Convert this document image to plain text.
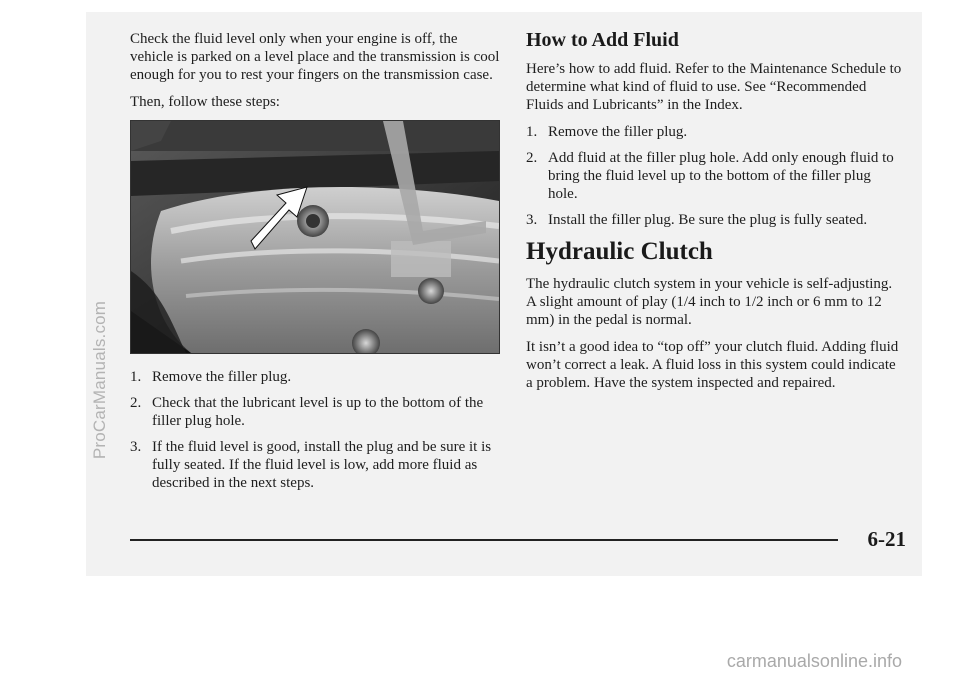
ProCarManuals.com

Check the fluid level only when your engine is off, the vehicle is parked on a level place and the transmission is cool enough for you to rest your fingers on the transmission case.

Then, follow these steps:

1. Remove the filler plug.
2. Check that the lubricant level is up to the bottom of the filler plug hole.
3. If the fluid level is good, install the plug and be sure it is fully seated. If the fluid level is low, add more fluid as described in the next steps.
How to Add Fluid

Here’s how to add fluid. Refer to the Maintenance Schedule to determine what kind of fluid to use. See “Recommended Fluids and Lubricants” in the Index.

1. Remove the filler plug.
2. Add fluid at the filler plug hole. Add only enough fluid to bring the fluid level up to the bottom of the filler plug hole.
3. Install the filler plug. Be sure the plug is fully seated.
Hydraulic Clutch

The hydraulic clutch system in your vehicle is self-adjusting. A slight amount of play (1/4 inch to 1/2 inch or 6 mm to 12 mm) in the pedal is normal.

It isn’t a good idea to “top off” your clutch fluid. Adding fluid won’t correct a leak. A fluid loss in this system could indicate a problem. Have the system inspected and repaired.

6-21
carmanualsonline.info
